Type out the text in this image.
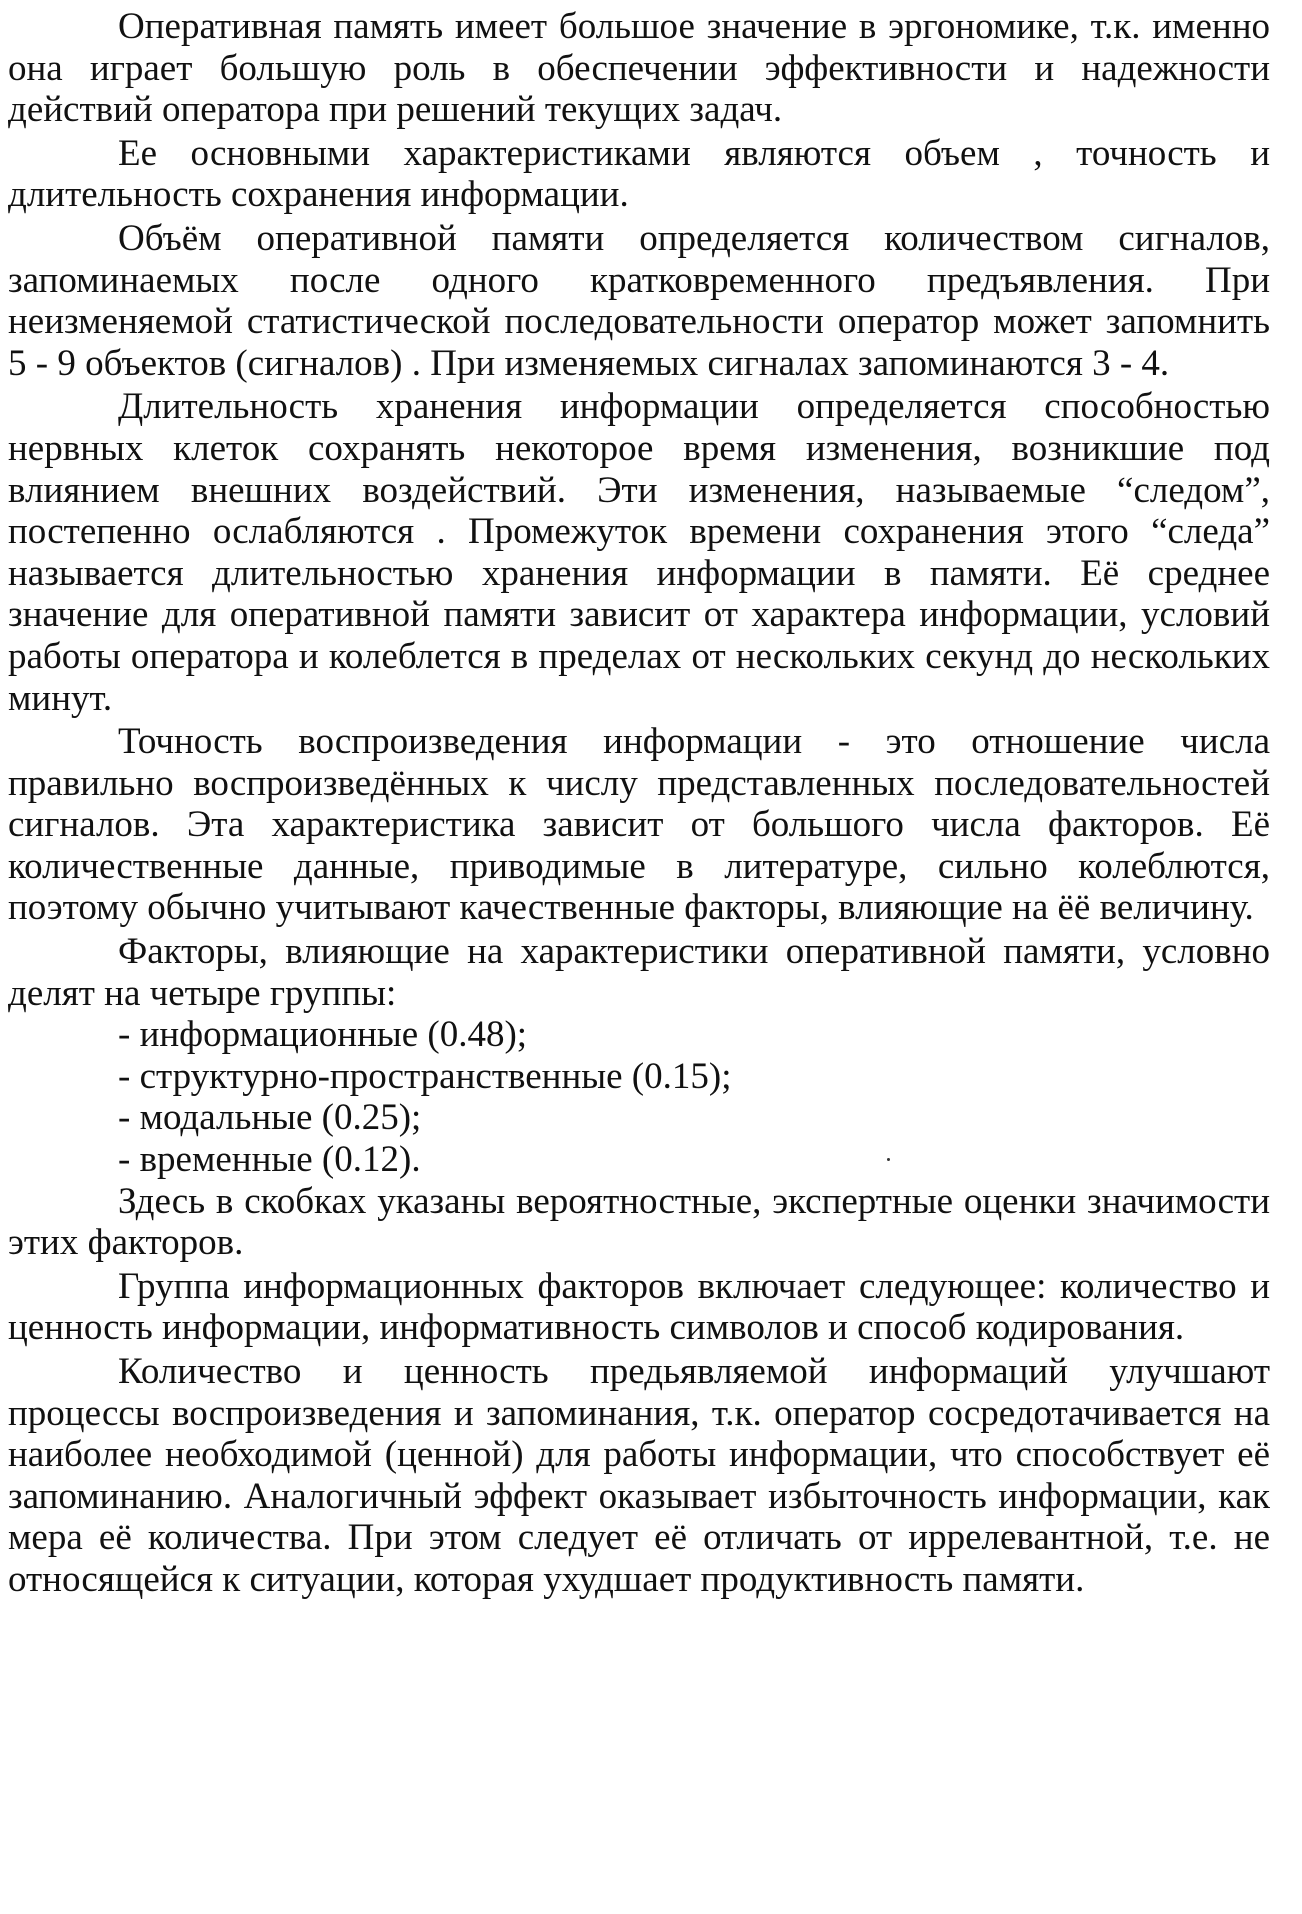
Оперативная память имеет большое значение в эргономике, т.к. именно она играет большую роль в обеспечении эффективности и надежности действий оператора при решений текущих задач.

Ее основными характеристиками являются объем , точность и длительность сохранения информации.

Объём оперативной памяти определяется количеством сигналов, запоминаемых после одного кратковременного предъявления. При неизменяемой статистической последовательности оператор может запомнить 5 - 9 объектов (сигналов) . При изменяемых сигналах запоминаются 3 - 4.

Длительность хранения информации определяется способностью нервных клеток сохранять некоторое время изменения, возникшие под влиянием внешних воздействий. Эти изменения, называемые “следом”, постепенно ослабляются . Промежуток времени сохранения этого “следа” называется длительностью хранения информации в памяти. Её среднее значение для оперативной памяти зависит от характера информации, условий работы оператора и колеблется в пределах от нескольких секунд до нескольких минут.

Точность воспроизведения информации - это отношение числа правильно воспроизведённых к числу представленных последовательностей сигналов. Эта характеристика зависит от большого числа факторов. Её количественные данные, приводимые в литературе, сильно колеблются, поэтому обычно учитывают качественные факторы, влияющие на ёё величину.

Факторы, влияющие на характеристики оперативной памяти, условно делят на четыре группы:

- информационные (0.48);
- структурно-пространственные (0.15);
- модальные (0.25);
- временные (0.12).

Здесь в скобках указаны вероятностные, экспертные оценки значимости этих факторов.

Группа информационных факторов включает следующее: количество и ценность информации, информативность символов и способ кодирования.

Количество и ценность предьявляемой информаций улучшают процессы воспроизведения и запоминания, т.к. оператор сосредотачивается на наиболее необходимой (ценной) для работы информации, что способствует её запоминанию. Аналогичный эффект оказывает избыточность информации, как мера её количества. При этом следует её отличать от иррелевантной, т.е. не относящейся к ситуации, которая ухудшает продуктивность памяти.
